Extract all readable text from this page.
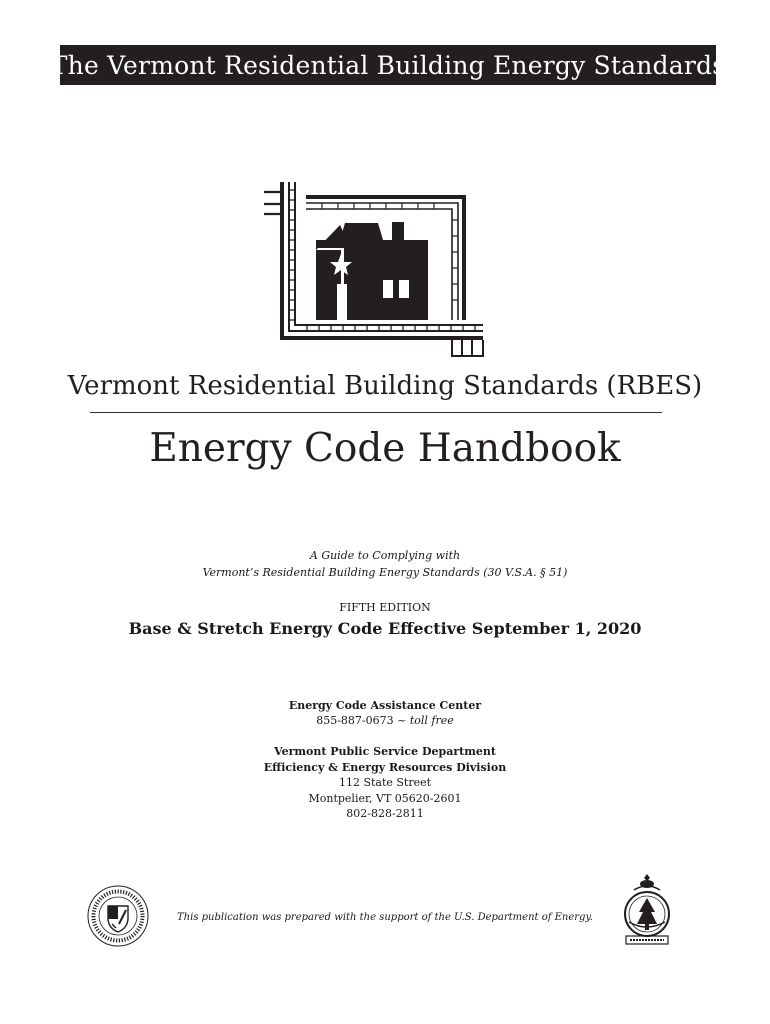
The Vermont Residential Building Energy Standards
Vermont Residential Building Standards (RBES)
Energy Code Handbook
A Guide to Complying with
Vermont’s Residential Building Energy Standards (30 V.S.A. § 51)
FIFTH EDITION
Base & Stretch Energy Code Effective September 1, 2020
Energy Code Assistance Center
855-887-0673 ~ toll free
Vermont Public Service Department
Efficiency & Energy Resources Division
112 State Street
Montpelier, VT 05620-2601
802-828-2811
This publication was prepared with the support of the U.S. Department of Energy.
